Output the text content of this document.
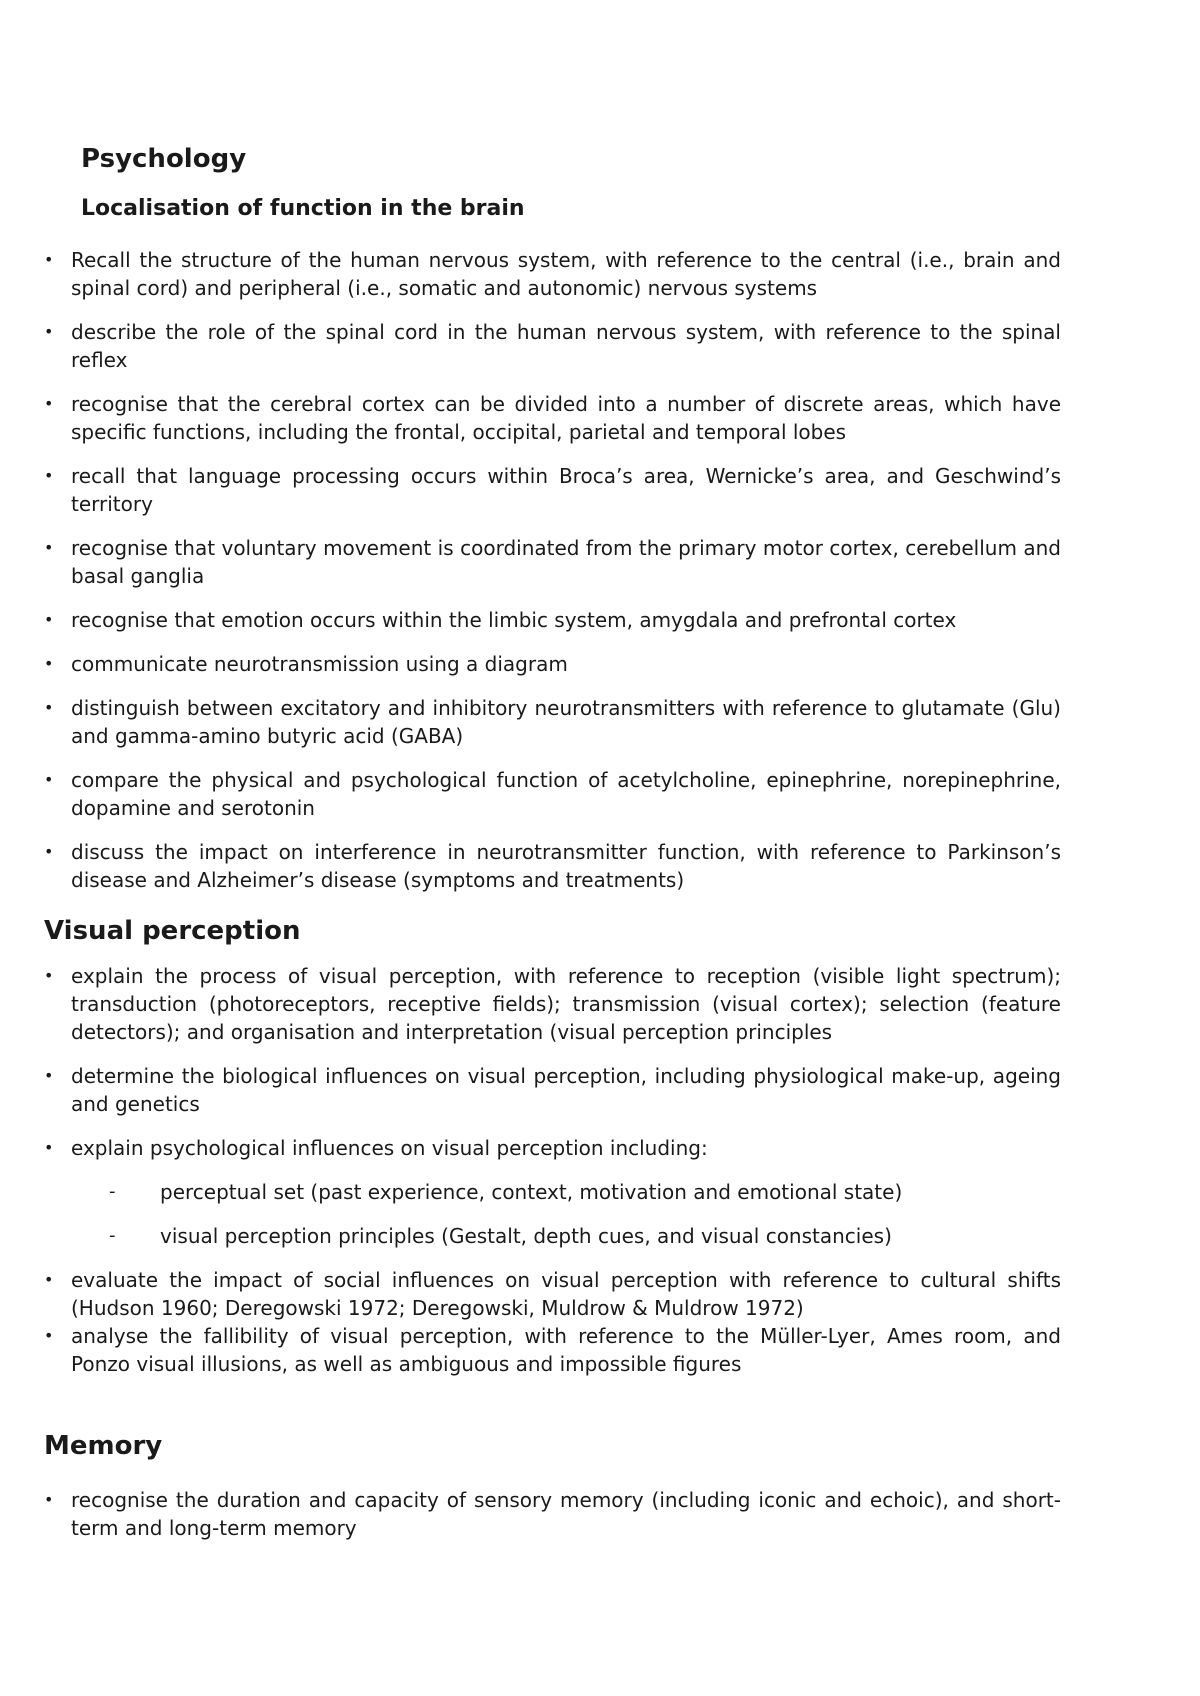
Psychology
Localisation of function in the brain
• Recall the structure of the human nervous system, with reference to the central (i.e., brain and spinal cord) and peripheral (i.e., somatic and autonomic) nervous systems
• describe the role of the spinal cord in the human nervous system, with reference to the spinal reflex
• recognise that the cerebral cortex can be divided into a number of discrete areas, which have specific functions, including the frontal, occipital, parietal and temporal lobes
• recall that language processing occurs within Broca’s area, Wernicke’s area, and Geschwind’s territory
• recognise that voluntary movement is coordinated from the primary motor cortex, cerebellum and basal ganglia
• recognise that emotion occurs within the limbic system, amygdala and prefrontal cortex
• communicate neurotransmission using a diagram
• distinguish between excitatory and inhibitory neurotransmitters with reference to glutamate (Glu) and gamma-amino butyric acid (GABA)
• compare the physical and psychological function of acetylcholine, epinephrine, norepinephrine, dopamine and serotonin
• discuss the impact on interference in neurotransmitter function, with reference to Parkinson’s disease and Alzheimer’s disease (symptoms and treatments)
Visual perception
• explain the process of visual perception, with reference to reception (visible light spectrum); transduction (photoreceptors, receptive fields); transmission (visual cortex); selection (feature detectors); and organisation and interpretation (visual perception principles
• determine the biological influences on visual perception, including physiological make-up, ageing and genetics
• explain psychological influences on visual perception including:
- perceptual set (past experience, context, motivation and emotional state)
- visual perception principles (Gestalt, depth cues, and visual constancies)
• evaluate the impact of social influences on visual perception with reference to cultural shifts (Hudson 1960; Deregowski 1972; Deregowski, Muldrow & Muldrow 1972)
• analyse the fallibility of visual perception, with reference to the Müller-Lyer, Ames room, and Ponzo visual illusions, as well as ambiguous and impossible figures
Memory
• recognise the duration and capacity of sensory memory (including iconic and echoic), and short-term and long-term memory
